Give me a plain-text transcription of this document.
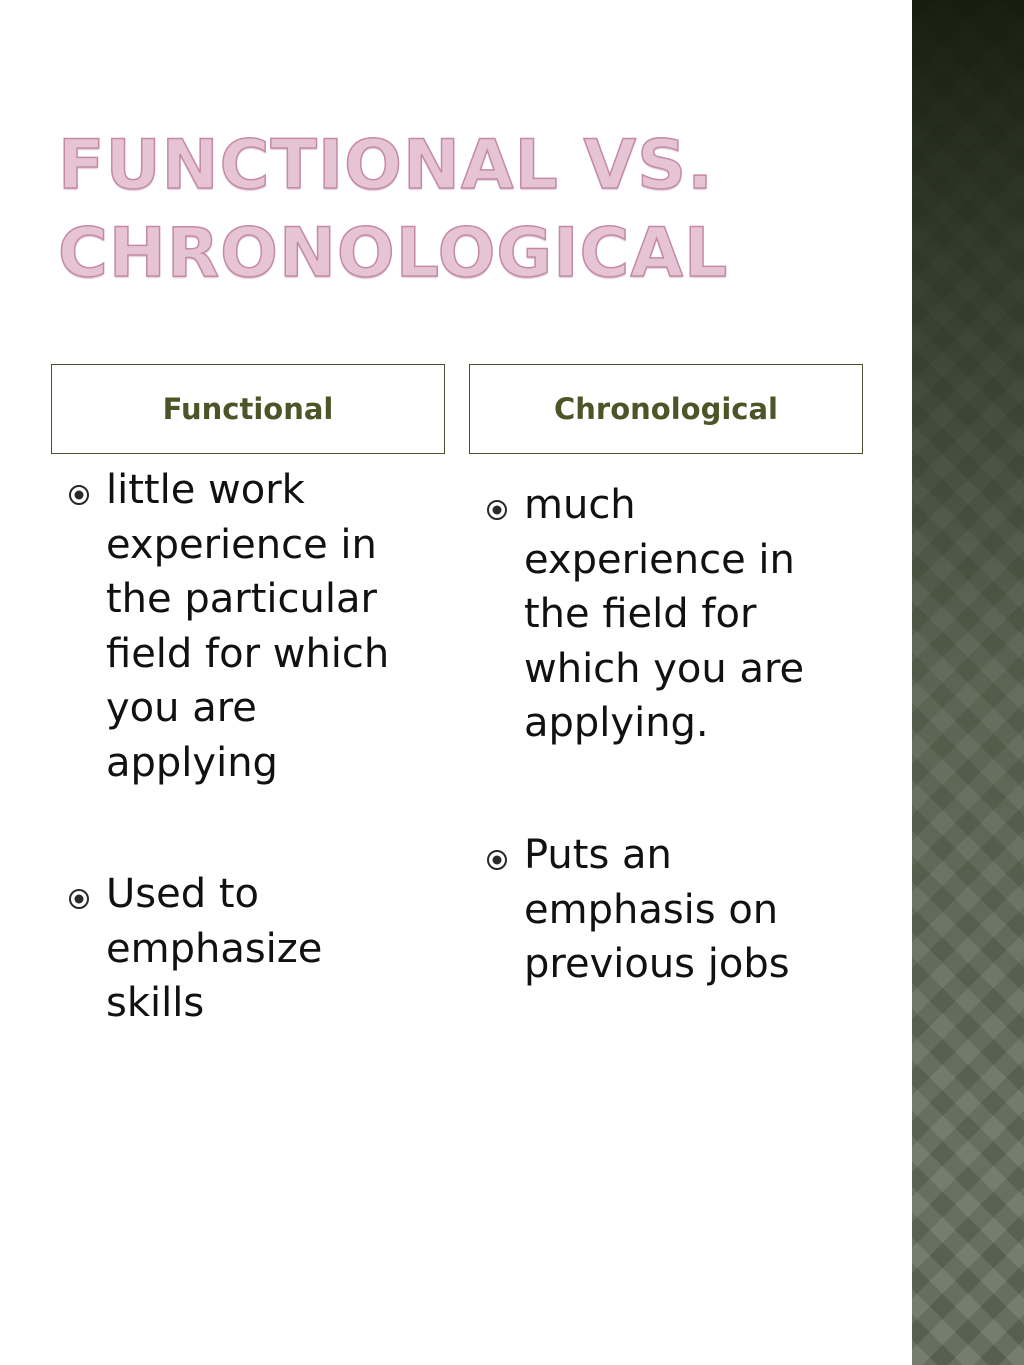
FUNCTIONAL VS.
CHRONOLOGICAL
Functional	Chronological

little work experience in the particular field for which you are applying

Used to emphasize skills

much experience in the field for which you are applying.

Puts an emphasis on previous jobs
